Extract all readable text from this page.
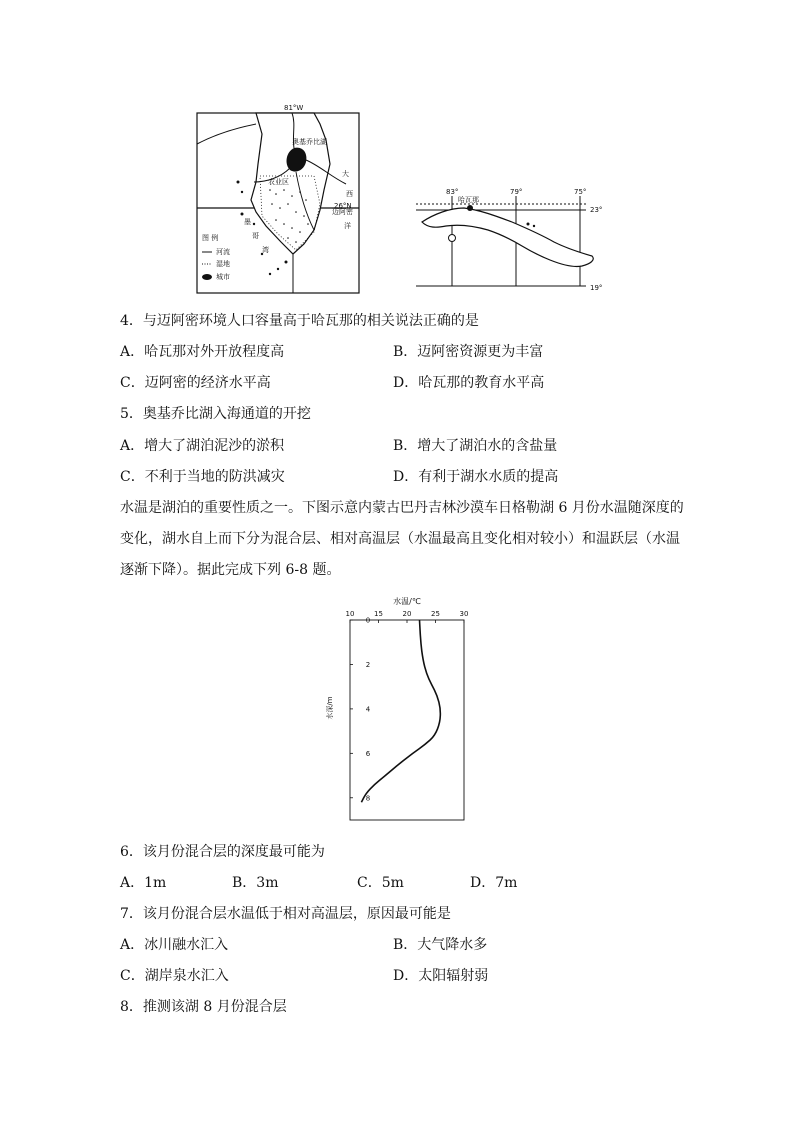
81°W
26°N
奥基乔比湖
农业区
大
迈阿密
西
洋
墨
哥
湾
图 例
河流
湿地
城市
83°	79°	75°
23°
19°
哈瓦那
4．与迈阿密环境人口容量高于哈瓦那的相关说法正确的是
A．哈瓦那对外开放程度高	B．迈阿密资源更为丰富
C．迈阿密的经济水平高	D．哈瓦那的教育水平高
5．奥基乔比湖入海通道的开挖
A．增大了湖泊泥沙的淤积	B．增大了湖泊水的含盐量
C．不利于当地的防洪减灾	D．有利于湖水水质的提高
水温是湖泊的重要性质之一。下图示意内蒙古巴丹吉林沙漠车日格勒湖 6 月份水温随深度的
变化，湖水自上而下分为混合层、相对高温层（水温最高且变化相对较小）和温跃层（水温
逐渐下降）。据此完成下列 6-8 题。
水温/℃
水深/m
10	15	20	25	30
0
2
4
6
8
6．该月份混合层的深度最可能为
A．1m	B．3m	C．5m	D．7m
7．该月份混合层水温低于相对高温层，原因最可能是
A．冰川融水汇入	B．大气降水多
C．湖岸泉水汇入	D．太阳辐射弱
8．推测该湖 8 月份混合层
